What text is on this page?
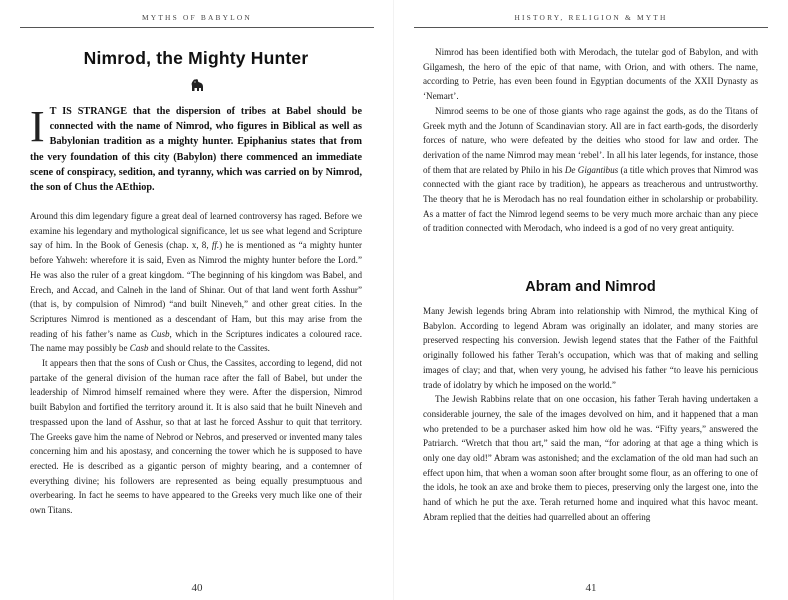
MYTHS OF BABYLON
Nimrod, the Mighty Hunter
I T IS STRANGE that the dispersion of tribes at Babel should be connected with the name of Nimrod, who figures in Biblical as well as Babylonian tradition as a mighty hunter. Epiphanius states that from the very foundation of this city (Babylon) there commenced an immediate scene of conspiracy, sedition, and tyranny, which was carried on by Nimrod, the son of Chus the AEthiop.

Around this dim legendary figure a great deal of learned controversy has raged. Before we examine his legendary and mythological significance, let us see what legend and Scripture say of him. In the Book of Genesis (chap. x, 8, ff.) he is mentioned as “a mighty hunter before Yahweh: wherefore it is said, Even as Nimrod the mighty hunter before the Lord.” He was also the ruler of a great kingdom. “The beginning of his kingdom was Babel, and Erech, and Accad, and Calneh in the land of Shinar. Out of that land went forth Asshur” (that is, by compulsion of Nimrod) “and built Nineveh,” and other great cities. In the Scriptures Nimrod is mentioned as a descendant of Ham, but this may arise from the reading of his father’s name as Cusb, which in the Scriptures indicates a coloured race. The name may possibly be Casb and should relate to the Cassites.

It appears then that the sons of Cush or Chus, the Cassites, according to legend, did not partake of the general division of the human race after the fall of Babel, but under the leadership of Nimrod himself remained where they were. After the dispersion, Nimrod built Babylon and fortified the territory around it. It is also said that he built Nineveh and trespassed upon the land of Asshur, so that at last he forced Asshur to quit that territory. The Greeks gave him the name of Nebrod or Nebros, and preserved or invented many tales concerning him and his apostasy, and concerning the tower which he is supposed to have erected. He is described as a gigantic person of mighty bearing, and a contemner of everything divine; his followers are represented as being equally presumptuous and overbearing. In fact he seems to have appeared to the Greeks very much like one of their own Titans.

40
HISTORY, RELIGION & MYTH

Nimrod has been identified both with Merodach, the tutelar god of Babylon, and with Gilgamesh, the hero of the epic of that name, with Orion, and with others. The name, according to Petrie, has even been found in Egyptian documents of the XXII Dynasty as ‘Nemart’.

Nimrod seems to be one of those giants who rage against the gods, as do the Titans of Greek myth and the Jotunn of Scandinavian story. All are in fact earth-gods, the disorderly forces of nature, who were defeated by the deities who stood for law and order. The derivation of the name Nimrod may mean ‘rebel’. In all his later legends, for instance, those of them that are related by Philo in his De Gigantibus (a title which proves that Nimrod was connected with the giant race by tradition), he appears as treacherous and untrustworthy. The theory that he is Merodach has no real foundation either in scholarship or probability. As a matter of fact the Nimrod legend seems to be very much more archaic than any piece of tradition connected with Merodach, who indeed is a god of no very great antiquity.

Abram and Nimrod

Many Jewish legends bring Abram into relationship with Nimrod, the mythical King of Babylon. According to legend Abram was originally an idolater, and many stories are preserved respecting his conversion. Jewish legend states that the Father of the Faithful originally followed his father Terah’s occupation, which was that of making and selling images of clay; and that, when very young, he advised his father “to leave his pernicious trade of idolatry by which he imposed on the world.”

The Jewish Rabbins relate that on one occasion, his father Terah having undertaken a considerable journey, the sale of the images devolved on him, and it happened that a man who pretended to be a purchaser asked him how old he was. “Fifty years,” answered the Patriarch. “Wretch that thou art,” said the man, “for adoring at that age a thing which is only one day old!” Abram was astonished; and the exclamation of the old man had such an effect upon him, that when a woman soon after brought some flour, as an offering to one of the idols, he took an axe and broke them to pieces, preserving only the largest one, into the hand of which he put the axe. Terah returned home and inquired what this havoc meant. Abram replied that the deities had quarrelled about an offering

41
